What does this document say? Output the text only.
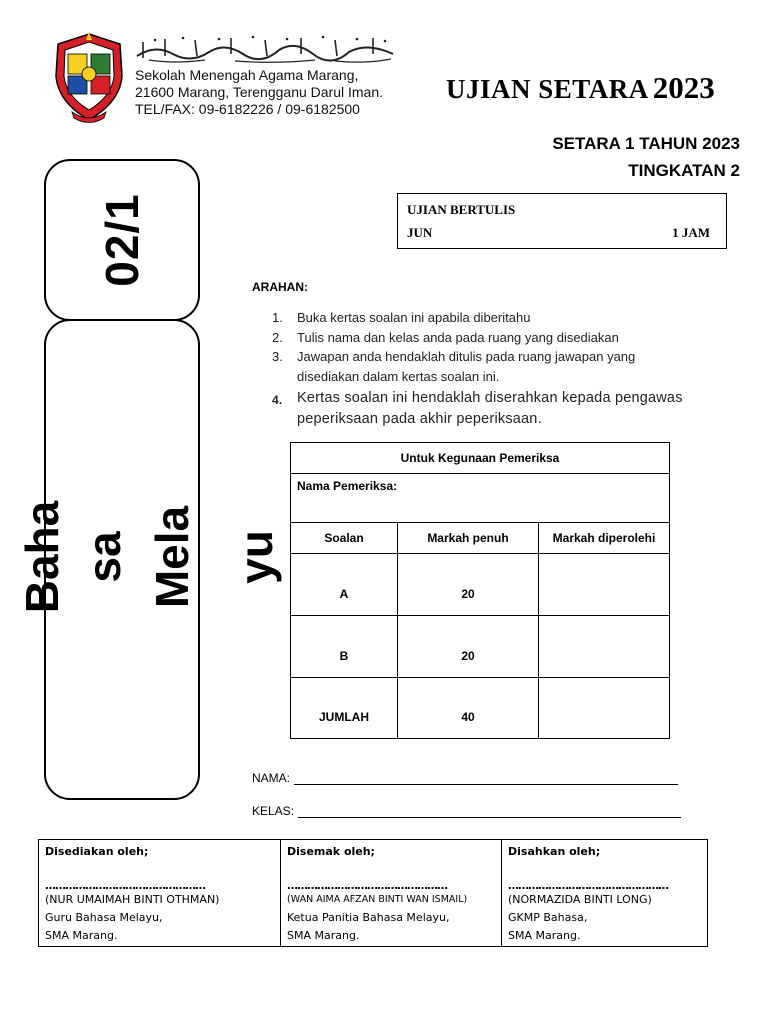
Sekolah Menengah Agama Marang,
21600 Marang, Terengganu Darul Iman.
TEL/FAX: 09-6182226 / 09-6182500
UJIAN SETARA 2023
SETARA 1 TAHUN 2023
TINGKATAN 2
UJIAN BERTULIS
JUN	1 JAM
02/1
Baha sa Mela yu
ARAHAN:
1. Buka kertas soalan ini apabila diberitahu
2. Tulis nama dan kelas anda pada ruang yang disediakan
3. Jawapan anda hendaklah ditulis pada ruang jawapan yang disediakan dalam kertas soalan ini.
4. Kertas soalan ini hendaklah diserahkan kepada pengawas peperiksaan pada akhir peperiksaan.
Untuk Kegunaan Pemeriksa		
Nama Pemeriksa:		
Soalan	Markah penuh	Markah diperolehi
A	20	
B	20	
JUMLAH	40	
NAMA:
KELAS:
Disediakan oleh;
…………………………………………
(NUR UMAIMAH BINTI OTHMAN)
Guru Bahasa Melayu,
SMA Marang.

Disemak oleh;
…………………………………………
(WAN AIMA AFZAN BINTI WAN ISMAIL)
Ketua Panitia Bahasa Melayu,
SMA Marang.

Disahkan oleh;
…………………………………………
(NORMAZIDA BINTI LONG)
GKMP Bahasa,
SMA Marang.
